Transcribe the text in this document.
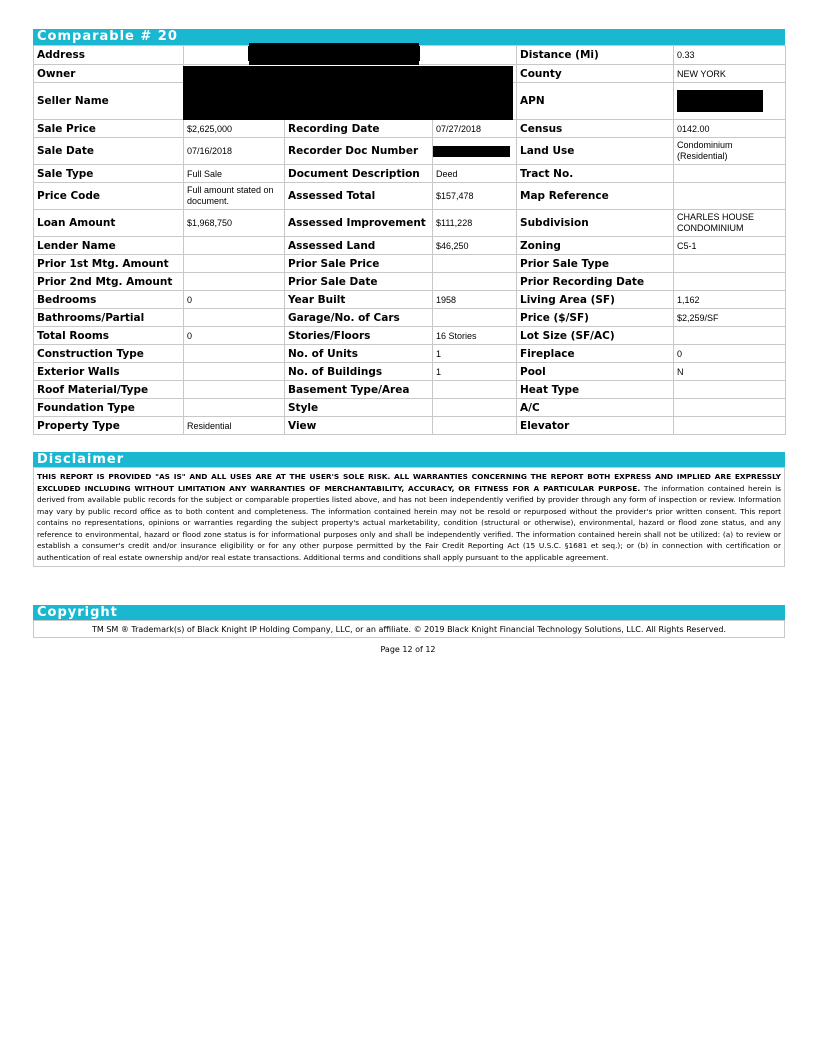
Comparable # 20
Address				Distance (Mi)	0.33
Owner				County	NEW YORK
Seller Name				APN	
Sale Price	$2,625,000	Recording Date	07/27/2018	Census	0142.00
Sale Date	07/16/2018	Recorder Doc Number		Land Use	Condominium (Residential)
Sale Type	Full Sale	Document Description	Deed	Tract No.	
Price Code	Full amount stated on document.	Assessed Total	$157,478	Map Reference	
Loan Amount	$1,968,750	Assessed Improvement	$111,228	Subdivision	CHARLES HOUSE CONDOMINIUM
Lender Name		Assessed Land	$46,250	Zoning	C5-1
Prior 1st Mtg. Amount		Prior Sale Price		Prior Sale Type	
Prior 2nd Mtg. Amount		Prior Sale Date		Prior Recording Date	
Bedrooms	0	Year Built	1958	Living Area (SF)	1,162
Bathrooms/Partial		Garage/No. of Cars		Price ($/SF)	$2,259/SF
Total Rooms	0	Stories/Floors	16 Stories	Lot Size (SF/AC)	
Construction Type		No. of Units	1	Fireplace	0
Exterior Walls		No. of Buildings	1	Pool	N
Roof Material/Type		Basement Type/Area		Heat Type	
Foundation Type		Style		A/C	
Property Type	Residential	View		Elevator	
Disclaimer
THIS REPORT IS PROVIDED "AS IS" AND ALL USES ARE AT THE USER'S SOLE RISK. ALL WARRANTIES CONCERNING THE REPORT BOTH EXPRESS AND IMPLIED ARE EXPRESSLY EXCLUDED INCLUDING WITHOUT LIMITATION ANY WARRANTIES OF MERCHANTABILITY, ACCURACY, OR FITNESS FOR A PARTICULAR PURPOSE. The information contained herein is derived from available public records for the subject or comparable properties listed above, and has not been independently verified by provider through any form of inspection or review. Information may vary by public record office as to both content and completeness. The information contained herein may not be resold or repurposed without the provider's prior written consent. This report contains no representations, opinions or warranties regarding the subject property's actual marketability, condition (structural or otherwise), environmental, hazard or flood zone status, and any reference to environmental, hazard or flood zone status is for informational purposes only and shall be independently verified. The information contained herein shall not be utilized: (a) to review or establish a consumer's credit and/or insurance eligibility or for any other purpose permitted by the Fair Credit Reporting Act (15 U.S.C. §1681 et seq.); or (b) in connection with certification or authentication of real estate ownership and/or real estate transactions. Additional terms and conditions shall apply pursuant to the applicable agreement.
Copyright
TM SM ® Trademark(s) of Black Knight IP Holding Company, LLC, or an affiliate. © 2019 Black Knight Financial Technology Solutions, LLC. All Rights Reserved.
Page 12 of 12
